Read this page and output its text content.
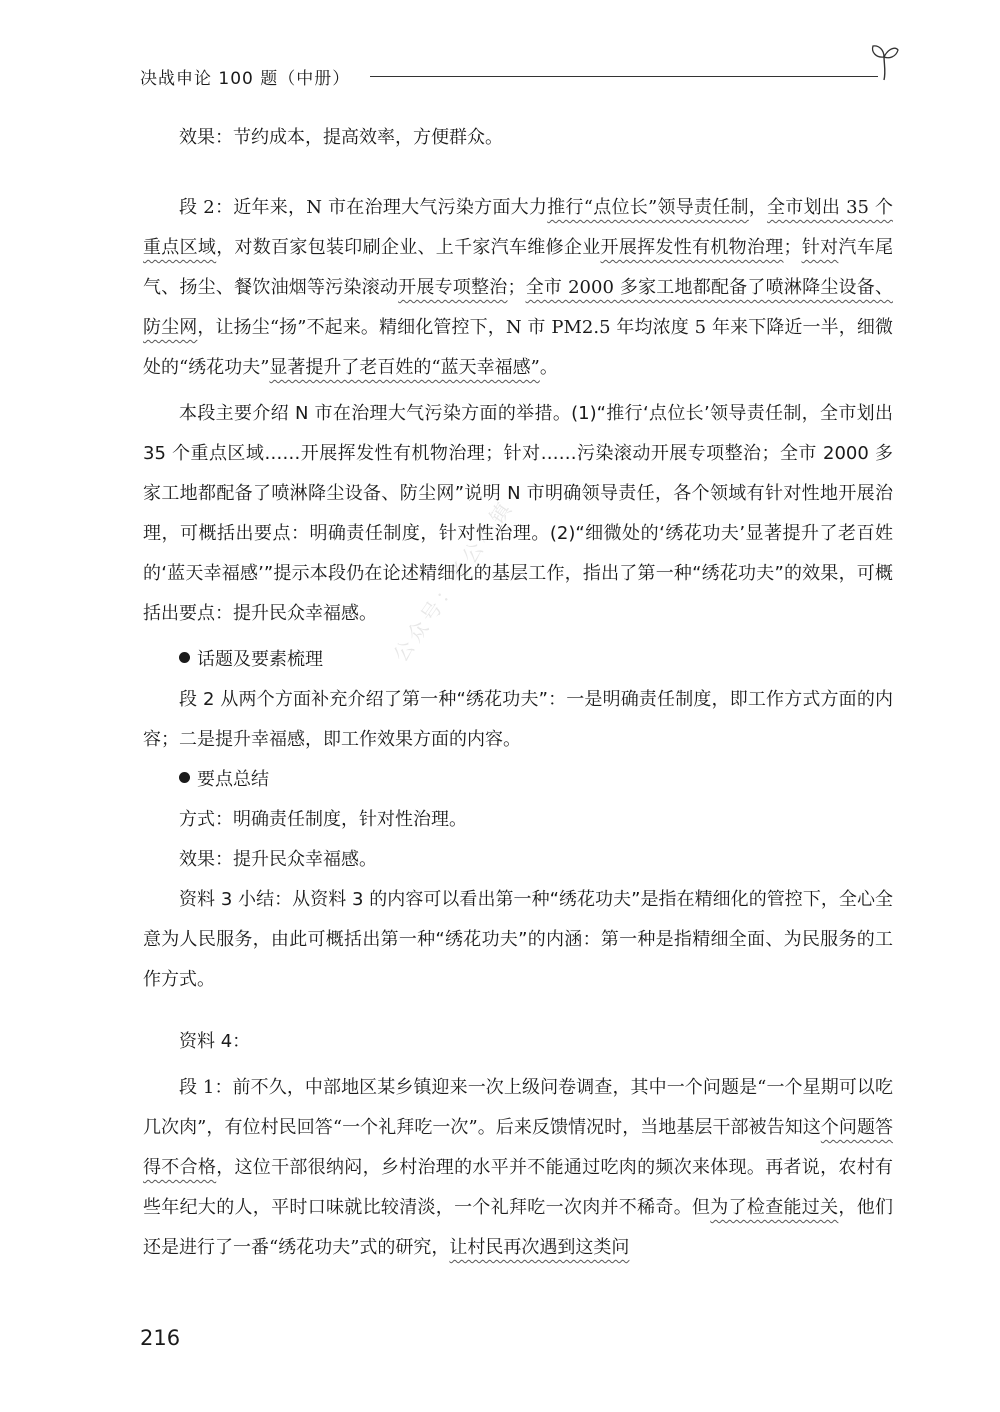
决战申论 100 题（中册）

效果：节约成本，提高效率，方便群众。

段 2：近年来，N 市在治理大气污染方面大力推行“点位长”领导责任制，全市划出 35 个重点区域，对数百家包装印刷企业、上千家汽车维修企业开展挥发性有机物治理；针对汽车尾气、扬尘、餐饮油烟等污染滚动开展专项整治；全市 2000 多家工地都配备了喷淋降尘设备、防尘网，让扬尘“扬”不起来。精细化管控下，N 市 PM2.5 年均浓度 5 年来下降近一半，细微处的“绣花功夫”显著提升了老百姓的“蓝天幸福感”。

本段主要介绍 N 市在治理大气污染方面的举措。(1)“推行‘点位长’领导责任制，全市划出 35 个重点区域……开展挥发性有机物治理；针对……污染滚动开展专项整治；全市 2000 多家工地都配备了喷淋降尘设备、防尘网”说明 N 市明确领导责任，各个领域有针对性地开展治理，可概括出要点：明确责任制度，针对性治理。(2)“细微处的‘绣花功夫’显著提升了老百姓的‘蓝天幸福感’”提示本段仍在论述精细化的基层工作，指出了第一种“绣花功夫”的效果，可概括出要点：提升民众幸福感。

话题及要素梳理

段 2 从两个方面补充介绍了第一种“绣花功夫”：一是明确责任制度，即工作方式方面的内容；二是提升幸福感，即工作效果方面的内容。

要点总结

方式：明确责任制度，针对性治理。

效果：提升民众幸福感。

资料 3 小结：从资料 3 的内容可以看出第一种“绣花功夫”是指在精细化的管控下，全心全意为人民服务，由此可概括出第一种“绣花功夫”的内涵：第一种是指精细全面、为民服务的工作方式。

资料 4：

段 1：前不久，中部地区某乡镇迎来一次上级问卷调查，其中一个问题是“一个星期可以吃几次肉”，有位村民回答“一个礼拜吃一次”。后来反馈情况时，当地基层干部被告知这个问题答得不合格，这位干部很纳闷，乡村治理的水平并不能通过吃肉的频次来体现。再者说，农村有些年纪大的人，平时口味就比较清淡，一个礼拜吃一次肉并不稀奇。但为了检查能过关，他们还是进行了一番“绣花功夫”式的研究，让村民再次遇到这类问

公众号：考公小镇
216
